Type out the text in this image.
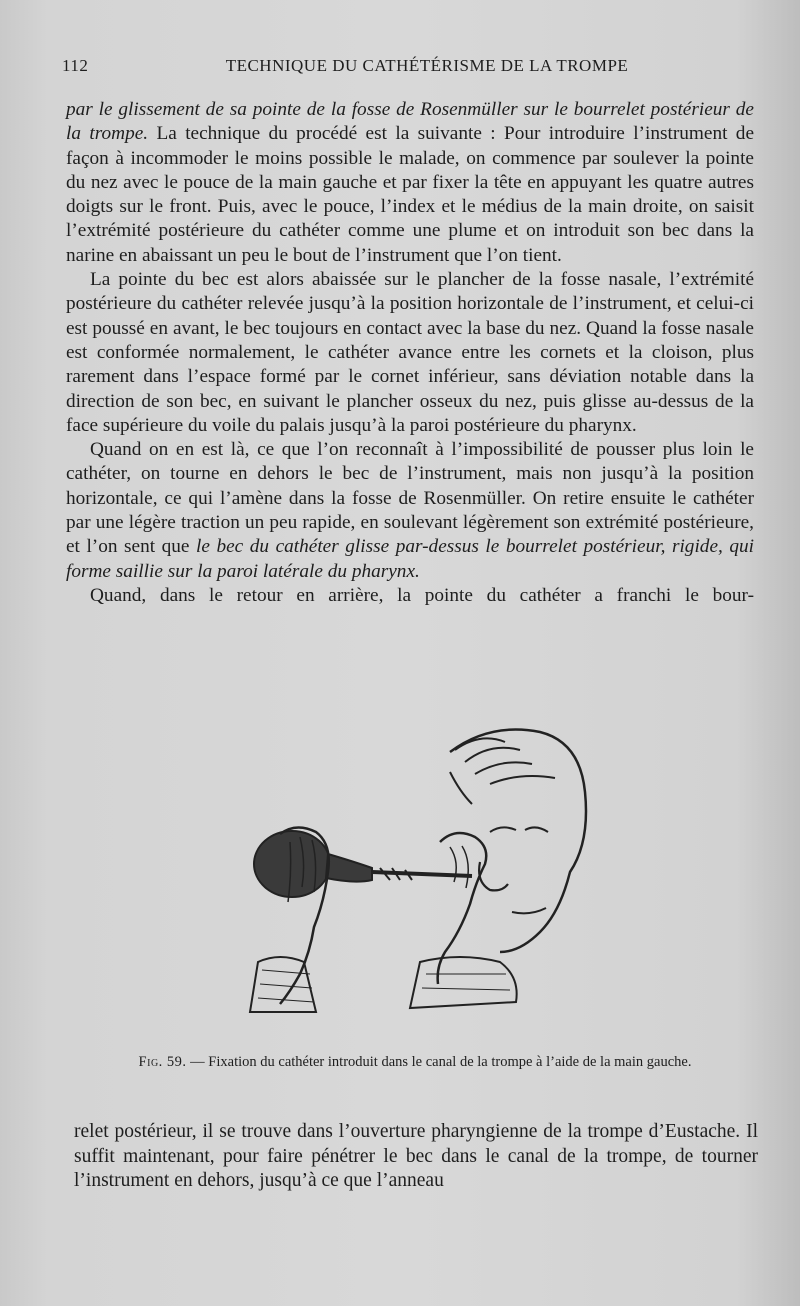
112	TECHNIQUE DU CATHÉTÉRISME DE LA TROMPE

par le glissement de sa pointe de la fosse de Rosenmüller sur le bourrelet postérieur de la trompe. La technique du procédé est la suivante : Pour introduire l’instrument de façon à incommoder le moins possible le malade, on commence par soulever la pointe du nez avec le pouce de la main gauche et par fixer la tête en appuyant les quatre autres doigts sur le front. Puis, avec le pouce, l’index et le médius de la main droite, on saisit l’extrémité postérieure du cathéter comme une plume et on introduit son bec dans la narine en abaissant un peu le bout de l’instrument que l’on tient.

La pointe du bec est alors abaissée sur le plancher de la fosse nasale, l’extrémité postérieure du cathéter relevée jusqu’à la position horizontale de l’instrument, et celui-ci est poussé en avant, le bec toujours en contact avec la base du nez. Quand la fosse nasale est conformée normalement, le cathéter avance entre les cornets et la cloison, plus rarement dans l’espace formé par le cornet inférieur, sans déviation notable dans la direction de son bec, en suivant le plancher osseux du nez, puis glisse au-dessus de la face supérieure du voile du palais jusqu’à la paroi postérieure du pharynx.

Quand on en est là, ce que l’on reconnaît à l’impossibilité de pousser plus loin le cathéter, on tourne en dehors le bec de l’instrument, mais non jusqu’à la position horizontale, ce qui l’amène dans la fosse de Rosenmüller. On retire ensuite le cathéter par une légère traction un peu rapide, en soulevant légèrement son extrémité postérieure, et l’on sent que le bec du cathéter glisse par-dessus le bourrelet postérieur, rigide, qui forme saillie sur la paroi latérale du pharynx.

Quand, dans le retour en arrière, la pointe du cathéter a franchi le bour-

Fig. 59. — Fixation du cathéter introduit dans le canal de la trompe à l’aide de la main gauche.

relet postérieur, il se trouve dans l’ouverture pharyngienne de la trompe d’Eustache. Il suffit maintenant, pour faire pénétrer le bec dans le canal de la trompe, de tourner l’instrument en dehors, jusqu’à ce que l’anneau
